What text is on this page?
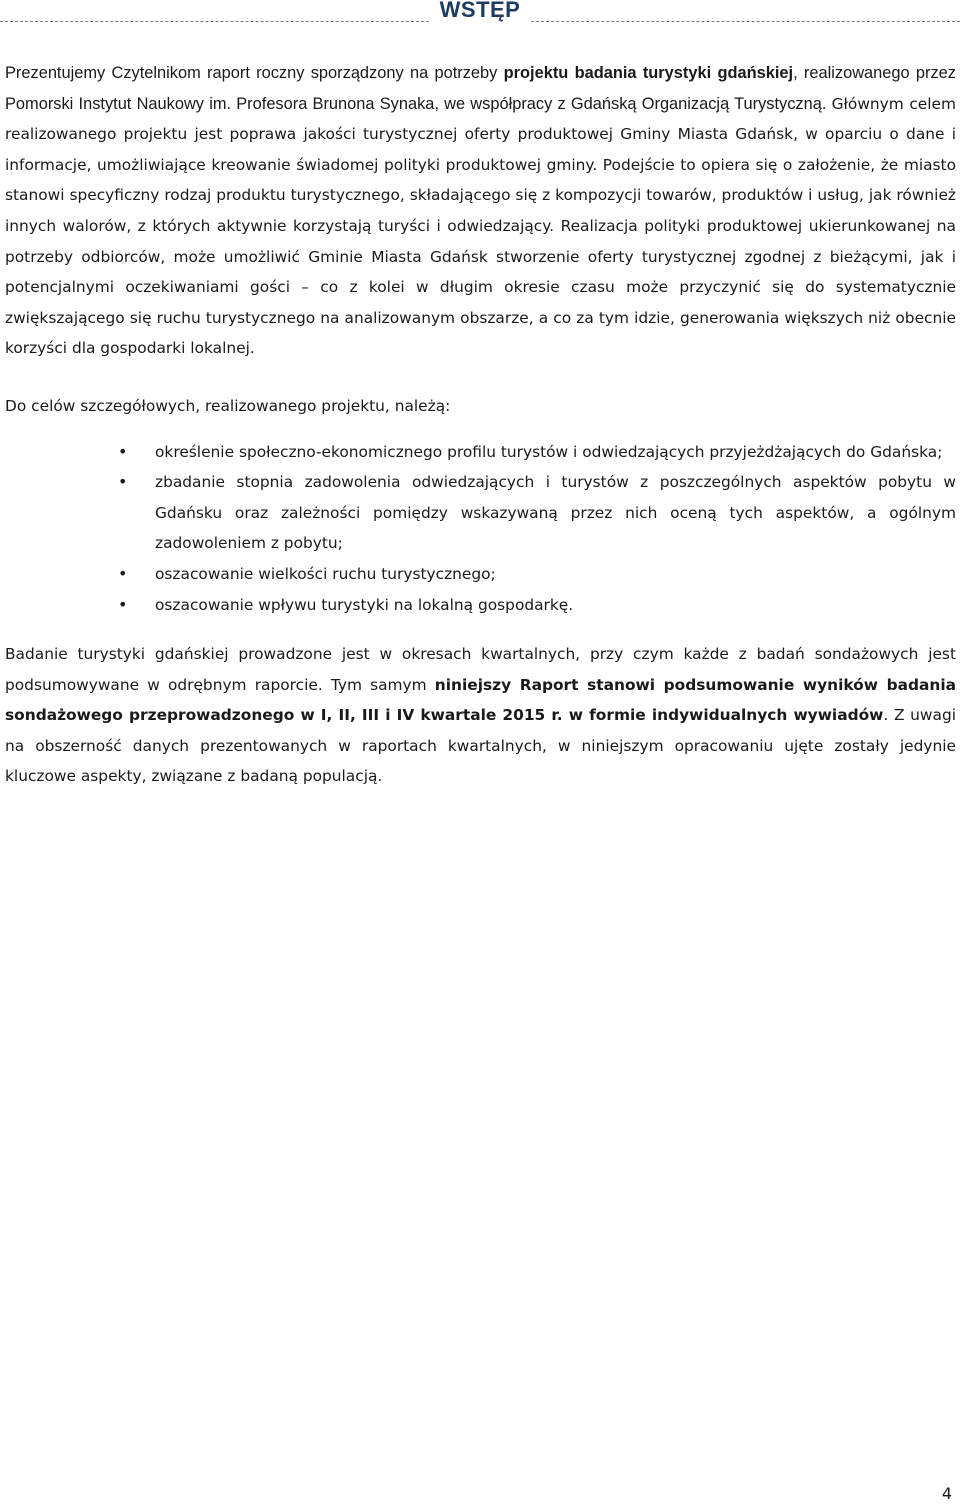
WSTĘP

Prezentujemy Czytelnikom raport roczny sporządzony na potrzeby projektu badania turystyki gdańskiej, realizowanego przez Pomorski Instytut Naukowy im. Profesora Brunona Synaka, we współpracy z Gdańską Organizacją Turystyczną. Głównym celem realizowanego projektu jest poprawa jakości turystycznej oferty produktowej Gminy Miasta Gdańsk, w oparciu o dane i informacje, umożliwiające kreowanie świadomej polityki produktowej gminy. Podejście to opiera się o założenie, że miasto stanowi specyficzny rodzaj produktu turystycznego, składającego się z kompozycji towarów, produktów i usług, jak również innych walorów, z których aktywnie korzystają turyści i odwiedzający. Realizacja polityki produktowej ukierunkowanej na potrzeby odbiorców, może umożliwić Gminie Miasta Gdańsk stworzenie oferty turystycznej zgodnej z bieżącymi, jak i potencjalnymi oczekiwaniami gości – co z kolei w długim okresie czasu może przyczynić się do systematycznie zwiększającego się ruchu turystycznego na analizowanym obszarze, a co za tym idzie, generowania większych niż obecnie korzyści dla gospodarki lokalnej.

Do celów szczegółowych, realizowanego projektu, należą:

• określenie społeczno-ekonomicznego profilu turystów i odwiedzających przyjeżdżających do Gdańska;
• zbadanie stopnia zadowolenia odwiedzających i turystów z poszczególnych aspektów pobytu w Gdańsku oraz zależności pomiędzy wskazywaną przez nich oceną tych aspektów, a ogólnym zadowoleniem z pobytu;
• oszacowanie wielkości ruchu turystycznego;
• oszacowanie wpływu turystyki na lokalną gospodarkę.

Badanie turystyki gdańskiej prowadzone jest w okresach kwartalnych, przy czym każde z badań sondażowych jest podsumowywane w odrębnym raporcie. Tym samym niniejszy Raport stanowi podsumowanie wyników badania sondażowego przeprowadzonego w I, II, III i IV kwartale 2015 r. w formie indywidualnych wywiadów. Z uwagi na obszerność danych prezentowanych w raportach kwartalnych, w niniejszym opracowaniu ujęte zostały jedynie kluczowe aspekty, związane z badaną populacją.

4
